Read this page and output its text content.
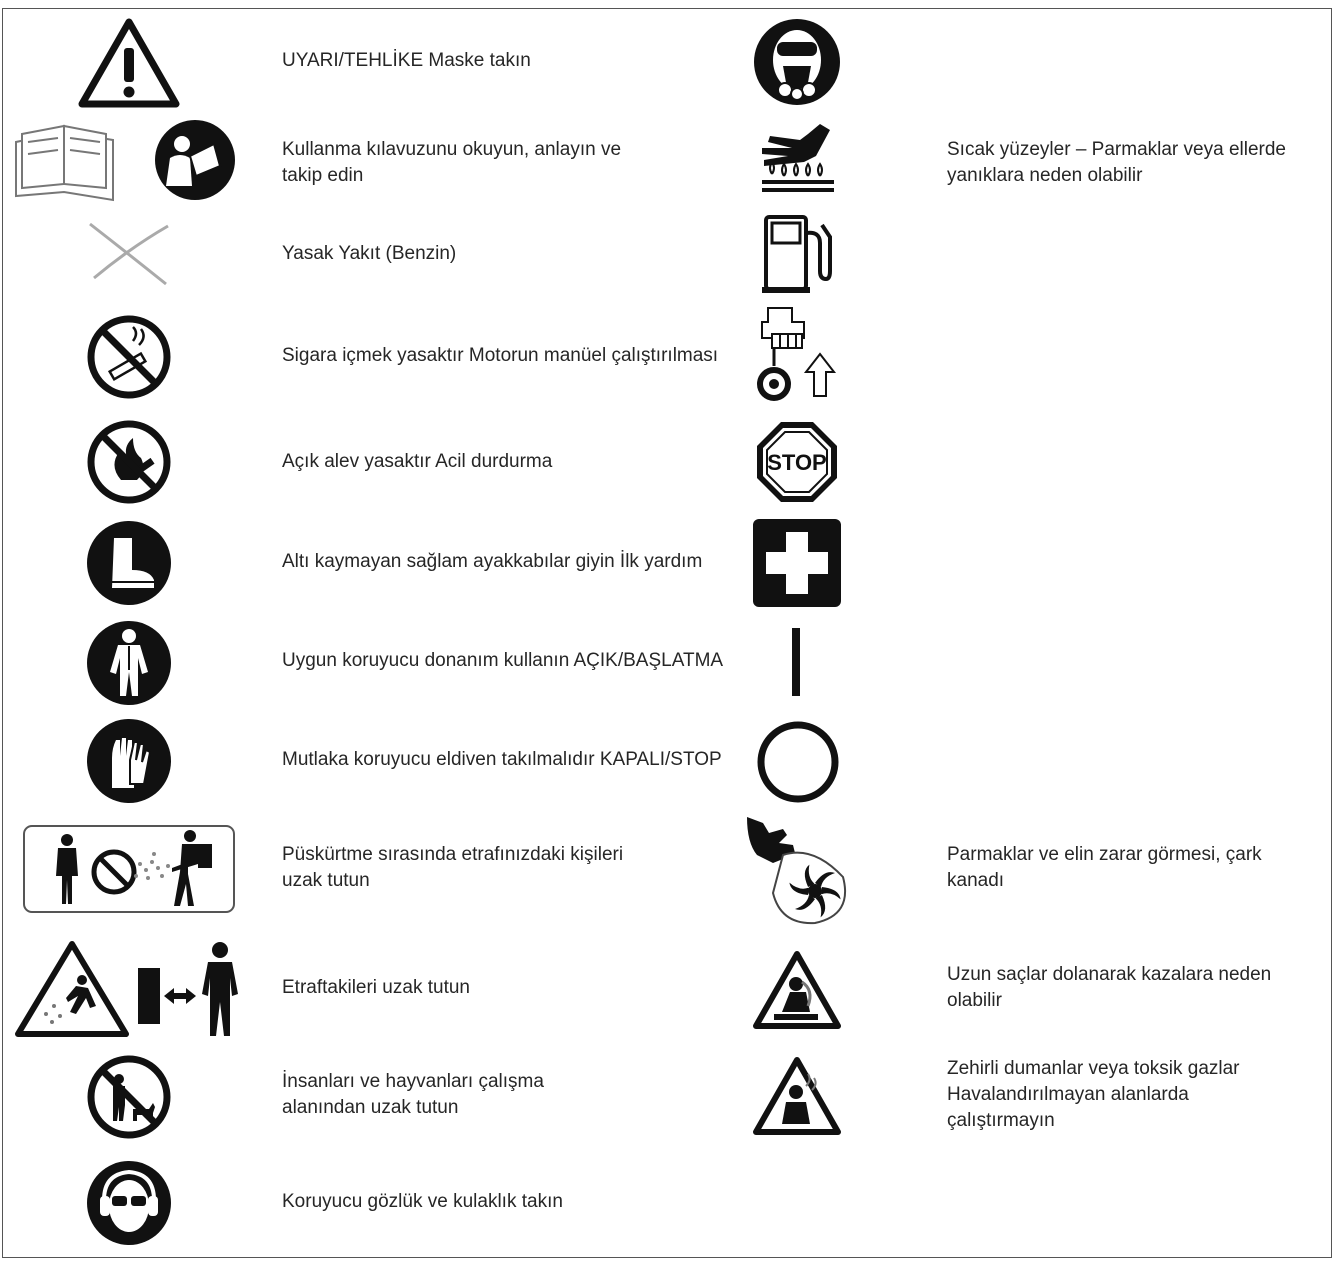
STOP
UYARI/TEHLİKE Maske takın
Kullanma kılavuzunu okuyun, anlayın ve
takip edin
Yasak Yakıt (Benzin)
Sigara içmek yasaktır Motorun manüel çalıştırılması
Açık alev yasaktır Acil durdurma
Altı kaymayan sağlam ayakkabılar giyin İlk yardım
Uygun koruyucu donanım kullanın AÇIK/BAŞLATMA
Mutlaka koruyucu eldiven takılmalıdır KAPALI/STOP
Püskürtme sırasında etrafınızdaki kişileri
uzak tutun
Etraftakileri uzak tutun
İnsanları ve hayvanları çalışma
alanından uzak tutun
Koruyucu gözlük ve kulaklık takın
Sıcak yüzeyler – Parmaklar veya ellerde
yanıklara neden olabilir
Parmaklar ve elin zarar görmesi, çark
kanadı
Uzun saçlar dolanarak kazalara neden
olabilir
Zehirli dumanlar veya toksik gazlar
Havalandırılmayan alanlarda
çalıştırmayın
